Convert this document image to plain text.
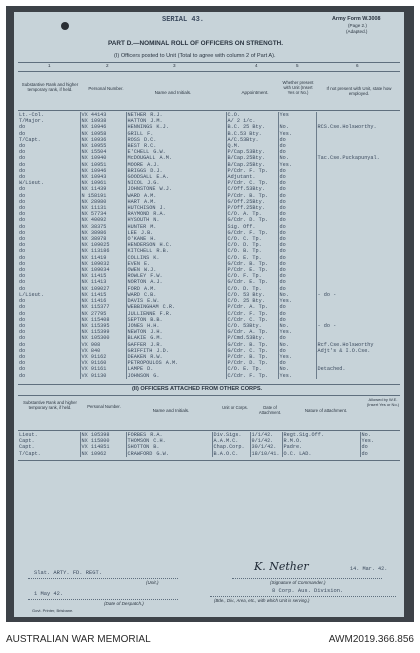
SERIAL 43.	Army Form W.3008
(Page 2.)
(Adapted.)
PART D.—NOMINAL ROLL OF OFFICERS ON STRENGTH.
(I) Officers posted to Unit (Total to agree with column 2 of Part A).
1	2	3	4	5	6
Substantive Rank and higher temporary rank, if held.	Personal Number.
Name and Initials.	Appointment.
Whether present with Unit (Insert Yes or No.)
If not present with Unit, state how employed.
Lt.-Col.	VX 44143	NETHER R.J.	C.O.	Yes	
T/Major.	NX 10938	HATTON J.M.	A/ 2 i/c.		
do	NX 10946	HENNINGS K.J.	B.C. 25 Bty.	No.	RCS.Cse.Holsworthy.
do	NX 10958	GRILL F.	B.C.53 Bty.	Yes.	
T/Capt.	NX 10936	ROSS D.C.	A/C.53Bty.	do	
do	NX 10955	BEST R.C.	Q.M.	do	
do	NX 15504	E'CHELL G.W.	P/Cap.53Bty.	do	
do	NX 10940	McDOUGALL A.M.	B/Cap.25Bty.	No.	Tac.Cse.Puckapunyal.
do	NX 10951	MOORE A.J.	B/Cap.25Bty.	Yes.	
do	NX 10946	BRIGGS D.J.	P/Cdr. F. Tp.	do	
do	NX 10943	GOODSALL E.A.	Adjutant.	do	
W/Lieut.	NX 10961	NICOL J.G.	P/Cdr. C. Tp.	do	
do	NX 11439	JOHNSTONE W.J.	C/Off.53Bty.	do	
do	N 158191	WARD A.M.	P/Cdr. B. Tp.	do	
do	NX 28980	HART A.M.	G/Off.25Bty.	do	
do	NX 11131	HUTCHISON J.	P/Off.25Bty.	do	
do	NX 57734	RAYMOND R.A.	C/O. A. Tp.	do	
do	NX 40092	HYSOUTH N.	G/Cdr. D. Tp.	do	
do	NX 38375	HUNTER M.	Sig. Off.	do	
do	NX 38986	LEE J.B.	G/Cdr. F. Tp.	do	
do	NX 38978	O'KANE H.	C/O. C. Tp.	do	
do	NX 109025	HENDERSON H.C.	C/O. D. Tp.	do	
do	NX 113186	KITCHELL R.B.	C/O. B. Tp.	do	
do	NX 11419	COLLINS K.	C/O. E. Tp.	do	
do	NX 109032	EVEN E.	G/Cdr. B. Tp.	do	
do	NX 109034	OWEN W.J.	P/Cdr. E. Tp.	do	
do	NX 11415	ROWLEY F.W.	C/O. F. Tp.	do	
do	NX 11413	NORTON A.J.	G/Cdr. E. Tp.	do	
do	NX 109027	FORD A.M.	C/O. D. Tp.	do	
L/Lieut.	NX 11415	WARD C.B.	C/O. 53 Bty.	No.	- do -
do	NX 11416	DAVIS E.W.	C/O. 25 Bty.	Yes.	
do	NX 115377	WEBBINGHAM C.R.	P/Cdr. A. Tp.	do	
do	NX 27795	JULLIENNE F.R.	C/Cdr. F. Tp.	do	
do	NX 115408	SEPTON B.B.	C/Cdr. C. Tp.	do	
do	NX 115395	JONES H.H.	C/O. 53Bty.	No.	- do -
do	NX 115399	NEWTON J.H.	G/Cdr. A. Tp.	Yes.	
do	NX 105300	BLAKIE G.M.	P/Cmd.53Bty.	do	
do	VX 908	GAFFER J.R.	G/Cdr. B. Tp.	No.	Rcf.Cse.Holsworthy
do	VX 840	GRIFFITH J.D.	G/Cdr. C. Tp.	do	Adjt's & I.O.Cse.
do	VX 91162	DEAKEN R.W.	P/Cdr. B. Tp.	Yes.	
do	VX 91160	PETROPOULOS A.M.	P/Cdr. D. Tp.	do	
do	VX 91161	LAMPE D.	C/O. E. Tp.	No.	Detached.
do	VX 91130	JOHNSON G.	C/Cdr. F. Tp.	Yes.	
(II) OFFICERS ATTACHED FROM OTHER CORPS.
Substantive Rank and higher temporary rank, if held.	Personal Number.
Name and Initials.
Unit or Corps.	Date of Attachment.	Nature of attachment.
Allowed by W.E. (Insert Yes or No.)
Lieut.	NX 105398	FORBES R.A.	Div.Sigs.	1/1/42.	Regt.Sig.Off.	No.
Capt.	NX 115800	THOMSON C.H.	A.A.M.C.	9/1/42.	R.M.O.	Yes.
Capt.	VX 114851	SHOTTON B.	Chap.Corp.	30/1/42.	Padre.	do
T/Capt.	NX 10962	CRAWFORD G.W.	B.A.O.C.	18/10/41.	O.C. LAD.	do
Slat. ARTY. FD. REGT.
(Unit.)
K. Nether	14. Mar. 42.
(Signature of Commander.)
1 May 42.
(Date of Despatch.)
8 Corp. Aus. Division.
(Bde., Div., Area, etc., with which Unit is serving.)
Govt. Printer, Brisbane.
AUSTRALIAN WAR MEMORIAL	AWM2019.366.856
